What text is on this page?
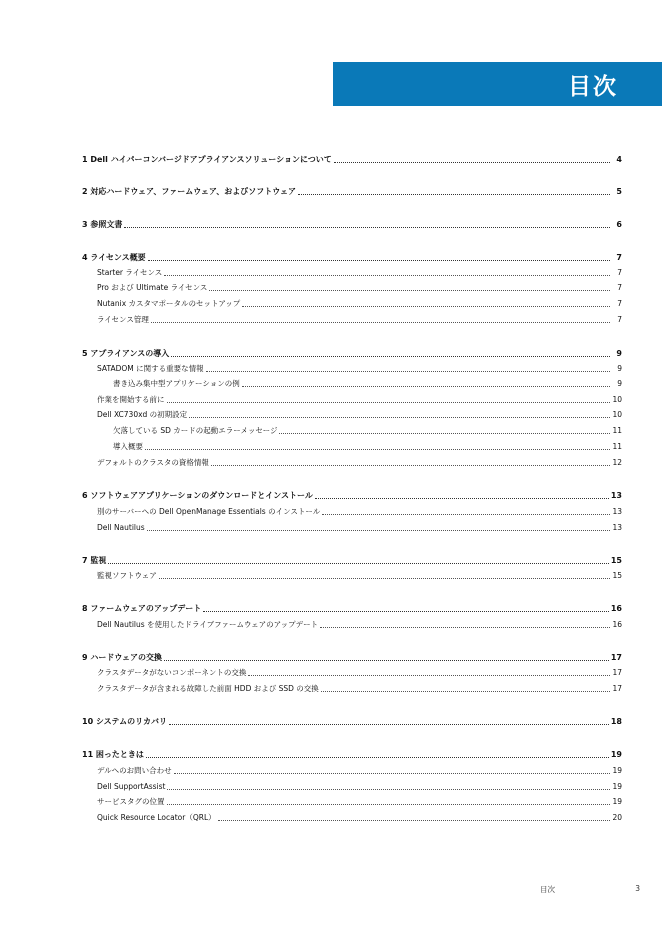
目次
1 Dell ハイパーコンバージドアプライアンスソリューションについて	4
2 対応ハードウェア、ファームウェア、およびソフトウェア	5
3 参照文書	6
4 ライセンス概要	7
Starter ライセンス	7
Pro および Ultimate ライセンス	7
Nutanix カスタマポータルのセットアップ	7
ライセンス管理	7
5 アプライアンスの導入	9
SATADOM に関する重要な情報	9
書き込み集中型アプリケーションの例	9
作業を開始する前に	10
Dell XC730xd の初期設定	10
欠落している SD カードの起動エラーメッセージ	11
導入概要	11
デフォルトのクラスタの資格情報	12
6 ソフトウェアアプリケーションのダウンロードとインストール	13
別のサーバーへの Dell OpenManage Essentials のインストール	13
Dell Nautilus	13
7 監視	15
監視ソフトウェア	15
8 ファームウェアのアップデート	16
Dell Nautilus を使用したドライブファームウェアのアップデート	16
9 ハードウェアの交換	17
クラスタデータがないコンポーネントの交換	17
クラスタデータが含まれる故障した前面 HDD および SSD の交換	17
10 システムのリカバリ	18
11 困ったときは	19
デルへのお問い合わせ	19
Dell SupportAssist	19
サービスタグの位置	19
Quick Resource Locator（QRL）	20
目次	3
